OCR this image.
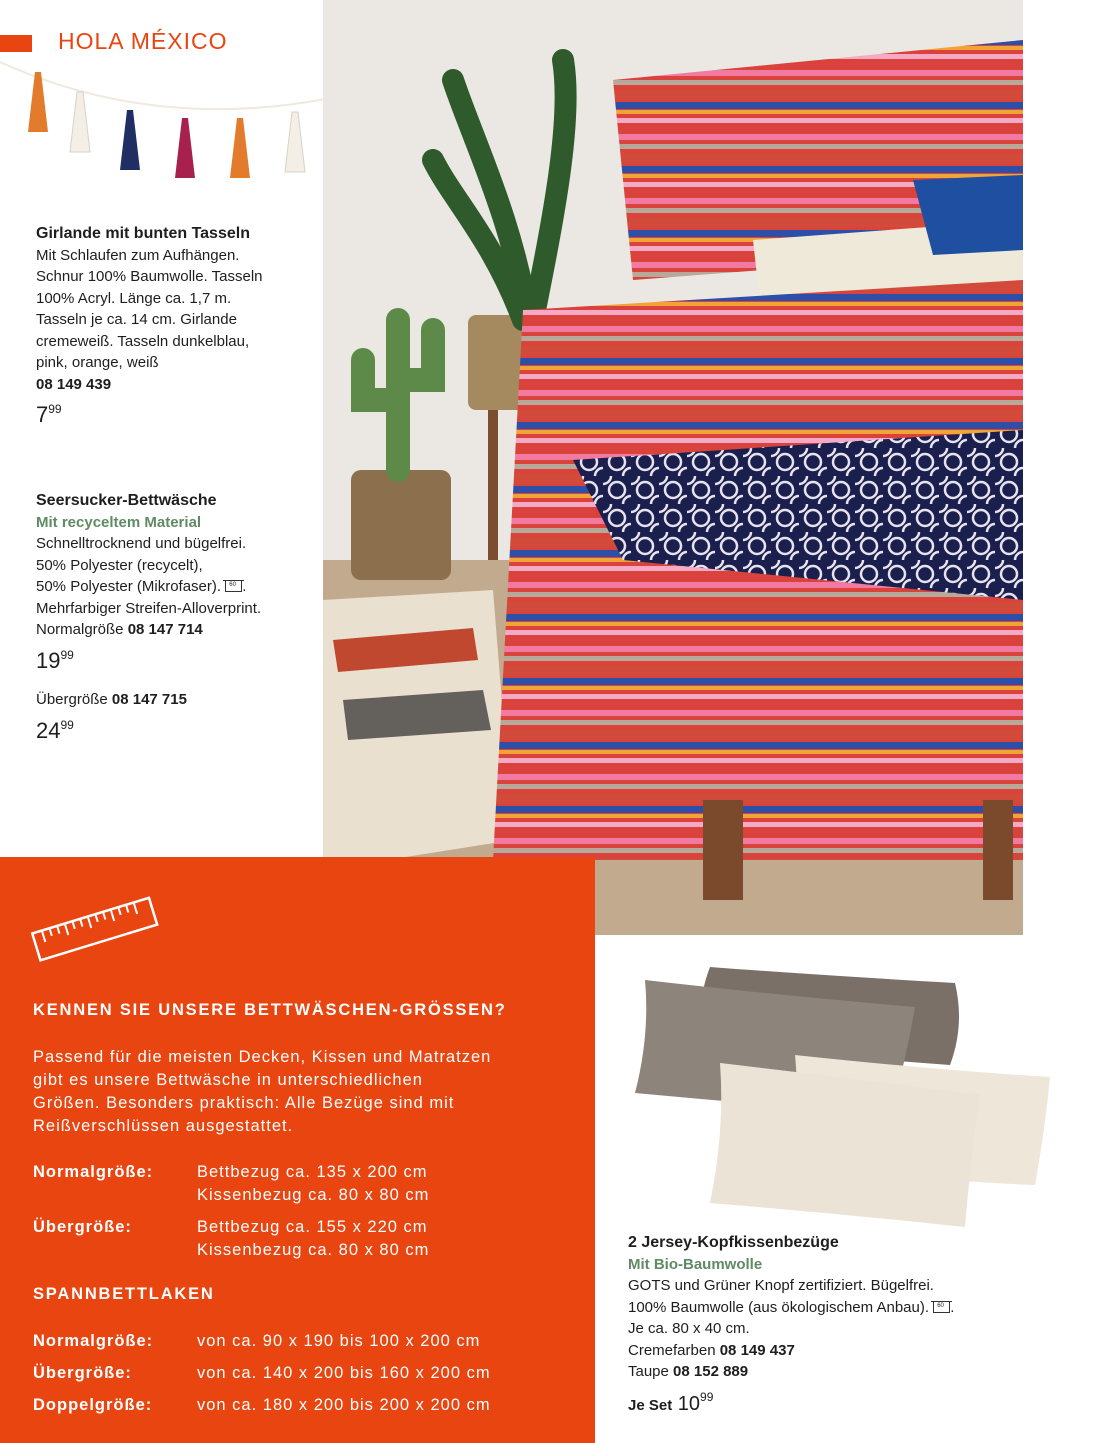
HOLA MÉXICO
Girlande mit bunten Tasseln
Mit Schlaufen zum Aufhängen.
Schnur 100% Baumwolle. Tasseln
100% Acryl. Länge ca. 1,7 m.
Tasseln je ca. 14 cm. Girlande
cremeweiß. Tasseln dunkelblau,
pink, orange, weiß
08 149 439
$7^{99}$
Seersucker-Bettwäsche
Mit recyceltem Material
Schnelltrocknend und bügelfrei.
50% Polyester (recycelt),
50% Polyester (Mikrofaser). 60 .
Mehrfarbiger Streifen-Alloverprint.
Normalgröße 08 147 714
$19^{99}$
Übergröße 08 147 715
$24^{99}$
KENNEN SIE UNSERE BETTWÄSCHEN-GRÖSSEN?
Passend für die meisten Decken, Kissen und Matratzen
gibt es unsere Bettwäsche in unterschiedlichen
Größen. Besonders praktisch: Alle Bezüge sind mit
Reißverschlüssen ausgestattet.
Normalgröße:	Bettbezug ca. 135 x 200 cm
Kissenbezug ca. 80 x 80 cm
Übergröße:	Bettbezug ca. 155 x 220 cm
Kissenbezug ca. 80 x 80 cm
SPANNBETTLAKEN
Normalgröße:	von ca. 90 x 190 bis 100 x 200 cm
Übergröße:	von ca. 140 x 200 bis 160 x 200 cm
Doppelgröße:	von ca. 180 x 200 bis 200 x 200 cm
2 Jersey-Kopfkissenbezüge
Mit Bio-Baumwolle
GOTS und Grüner Knopf zertifiziert. Bügelfrei.
100% Baumwolle (aus ökologischem Anbau). 60 .
Je ca. 80 x 40 cm.
Cremefarben 08 149 437
Taupe 08 152 889
Je Set $10^{99}$
